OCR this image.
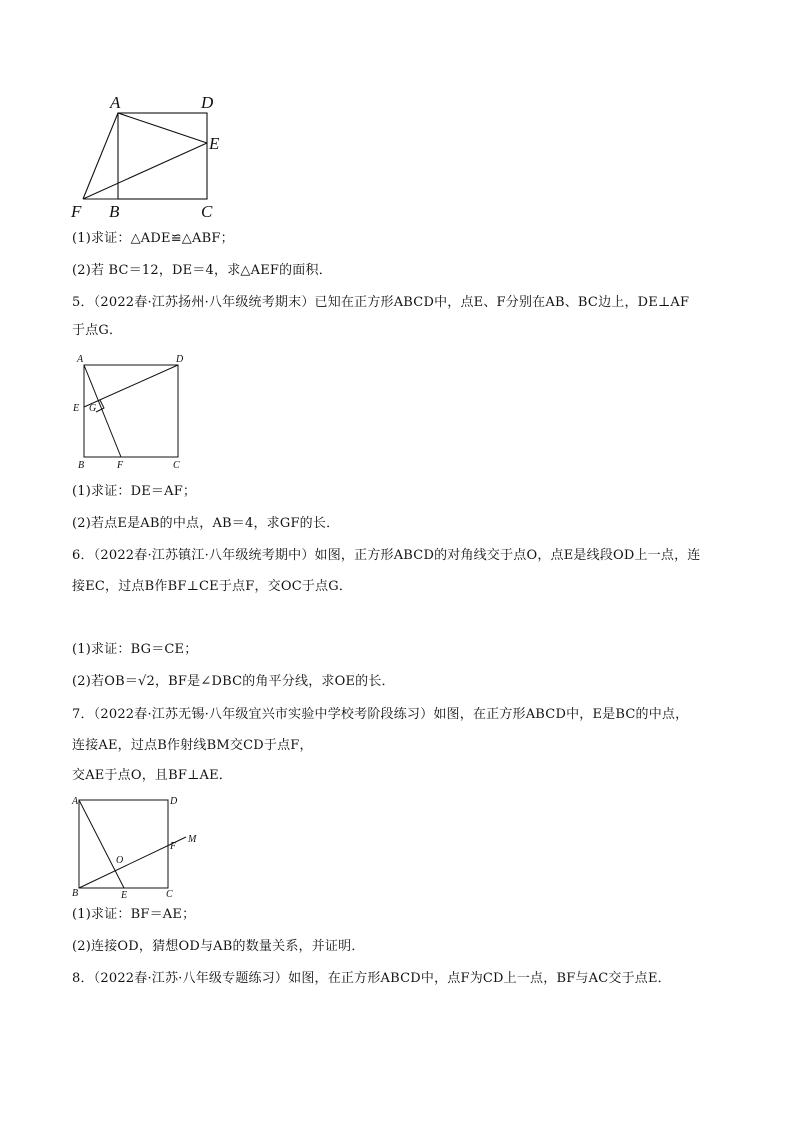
A	D
E
F B	C
(1)求证：△ADE≌△ABF；
(2)若 BC＝12，DE＝4，求△AEF的面积．
5．（2022春·江苏扬州·八年级统考期末）已知在正方形ABCD中，点E、F分别在AB、BC边上，DE⊥AF
于点G．
A	D
E G
B	F	C
(1)求证：DE＝AF；
(2)若点E是AB的中点，AB＝4，求GF的长．
6．（2022春·江苏镇江·八年级统考期中）如图，正方形ABCD的对角线交于点O，点E是线段OD上一点，连
接EC，过点B作BF⊥CE于点F，交OC于点G．
(1)求证：BG＝CE；
(2)若OB＝√2，BF是∠DBC的角平分线，求OE的长．
7．（2022春·江苏无锡·八年级宜兴市实验中学校考阶段练习）如图，在正方形ABCD中，E是BC的中点，
连接AE，过点B作射线BM交CD于点F，
交AE于点O，且BF⊥AE．
A	D
M
F
O
B	E	C
(1)求证：BF＝AE；
(2)连接OD，猜想OD与AB的数量关系，并证明．
8．（2022春·江苏·八年级专题练习）如图，在正方形ABCD中，点F为CD上一点，BF与AC交于点E．
